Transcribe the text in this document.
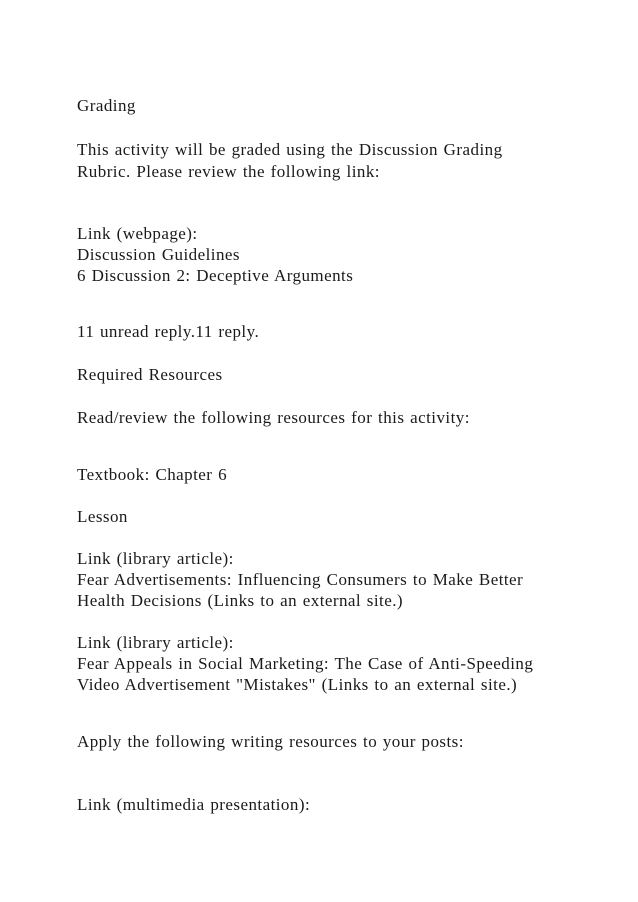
Grading

This activity will be graded using the Discussion Grading

Rubric. Please review the following link:

Link (webpage):

Discussion Guidelines

6 Discussion 2: Deceptive Arguments

11 unread reply.11 reply.

Required Resources

Read/review the following resources for this activity:

Textbook: Chapter 6

Lesson

Link (library article):

Fear Advertisements: Influencing Consumers to Make Better

Health Decisions (Links to an external site.)

Link (library article):

Fear Appeals in Social Marketing: The Case of Anti-Speeding

Video Advertisement "Mistakes" (Links to an external site.)

Apply the following writing resources to your posts:

Link (multimedia presentation):
